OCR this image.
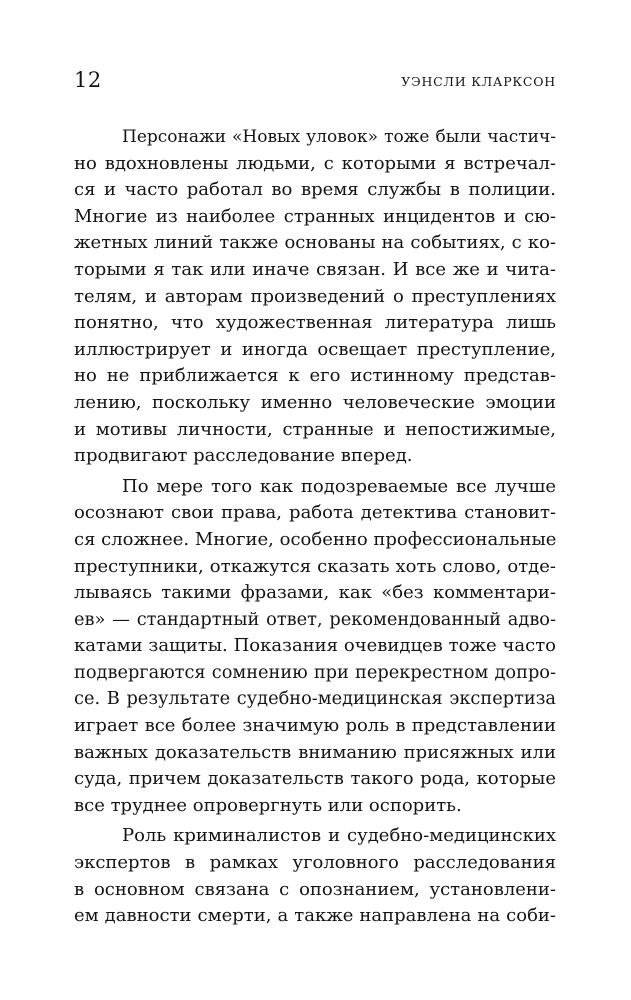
12	УЭНСЛИ КЛАРКСОН
Персонажи «Новых уловок» тоже были частич-
но вдохновлены людьми, с которыми я встречал-
ся и часто работал во время службы в полиции.
Многие из наиболее странных инцидентов и сю-
жетных линий также основаны на событиях, с ко-
торыми я так или иначе связан. И все же и чита-
телям, и авторам произведений о преступлениях
понятно, что художественная литература лишь
иллюстрирует и иногда освещает преступление,
но не приближается к его истинному представ-
лению, поскольку именно человеческие эмоции
и мотивы личности, странные и непостижимые,
продвигают расследование вперед.
По мере того как подозреваемые все лучше
осознают свои права, работа детектива становит-
ся сложнее. Многие, особенно профессиональные
преступники, откажутся сказать хоть слово, отде-
лываясь такими фразами, как «без комментари-
ев» — стандартный ответ, рекомендованный адво-
катами защиты. Показания очевидцев тоже часто
подвергаются сомнению при перекрестном допро-
се. В результате судебно-медицинская экспертиза
играет все более значимую роль в представлении
важных доказательств вниманию присяжных или
суда, причем доказательств такого рода, которые
все труднее опровергнуть или оспорить.
Роль криминалистов и судебно-медицинских
экспертов в рамках уголовного расследования
в основном связана с опознанием, установлени-
ем давности смерти, а также направлена на соби-
